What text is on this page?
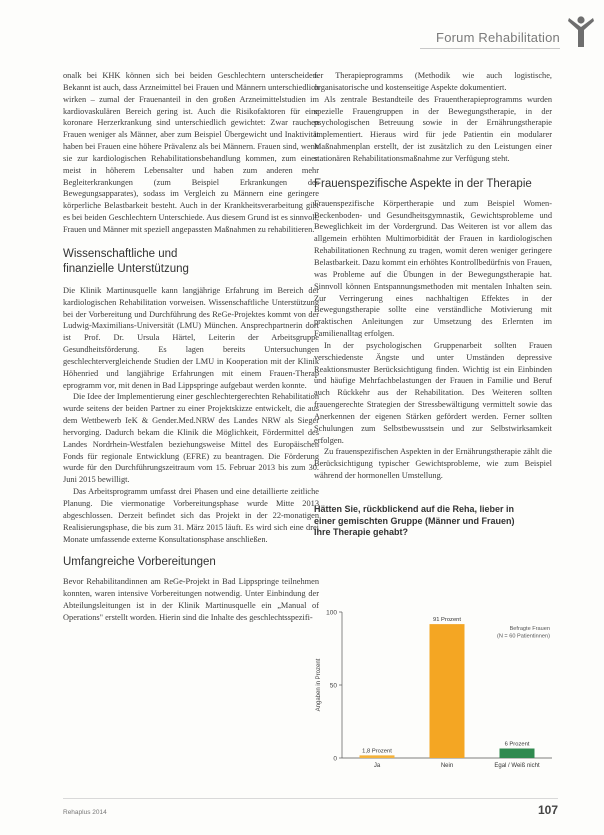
Forum Rehabilitation

onalk bei KHK können sich bei beiden Geschlechtern unterscheiden. Bekannt ist auch, dass Arzneimittel bei Frauen und Männern unterschiedlich wirken – zumal der Frauenanteil in den großen Arzneimittelstudien im kardiovaskulären Bereich gering ist. Auch die Risikofaktoren für eine koronare Herzerkrankung sind unterschiedlich gewichtet: Zwar rauchen Frauen weniger als Männer, aber zum Beispiel Übergewicht und Inaktivität haben bei Frauen eine höhere Prävalenz als bei Männern. Frauen sind, wenn sie zur kardiologischen Rehabilitationsbehandlung kommen, zum einen meist in höherem Lebensalter und haben zum anderen mehr Begleiterkrankungen (zum Beispiel Erkrankungen des Bewegungsapparates), sodass im Vergleich zu Männern eine geringere körperliche Belastbarkeit besteht. Auch in der Krankheitsverarbeitung gibt es bei beiden Geschlechtern Unterschiede. Aus diesem Grund ist es sinnvoll, Frauen und Männer mit speziell angepassten Maßnahmen zu rehabilitieren.

Wissenschaftliche und
finanzielle Unterstützung

Die Klinik Martinusquelle kann langjährige Erfahrung im Bereich der kardiologischen Rehabilitation vorweisen. Wissenschaftliche Unterstützung bei der Vorbereitung und Durchführung des ReGe-Projektes kommt von der Ludwig-Maximilians-Universität (LMU) München. Ansprechpartnerin dort ist Prof. Dr. Ursula Härtel, Leiterin der Arbeitsgruppe Gesundheitsförderung. Es lagen bereits Untersuchungen geschlechtervergleichende Studien der LMU in Kooperation mit der Klinik Höhenried und langjährige Erfahrungen mit einem Frauen-Therap eprogramm vor, mit denen in Bad Lippspringe aufgebaut werden konnte.

Die Idee der Implementierung einer geschlechtergerechten Rehabilitation wurde seitens der beiden Partner zu einer Projektskizze entwickelt, die aus dem Wettbewerb IeK & Gender.Med.NRW des Landes NRW als Sieger hervorging. Dadurch bekam die Klinik die Möglichkeit, Fördermittel des Landes Nordrhein-Westfalen beziehungsweise Mittel des Europäischen Fonds für regionale Entwicklung (EFRE) zu beantragen. Die Förderung wurde für den Durchführungszeitraum vom 15. Februar 2013 bis zum 30. Juni 2015 bewilligt.

Das Arbeitsprogramm umfasst drei Phasen und eine detaillierte zeitliche Planung. Die viermonatige Vorbereitungsphase wurde Mitte 2013 abgeschlossen. Derzeit befindet sich das Projekt in der 22-monatigen Realisierungsphase, die bis zum 31. März 2015 läuft. Es wird sich eine drei Monate umfassende externe Konsultationsphase anschließen.

Umfangreiche Vorbereitungen

Bevor Rehabilitandinnen am ReGe-Projekt in Bad Lippspringe teilnehmen konnten, waren intensive Vorbereitungen notwendig. Unter Einbindung der Abteilungsleitungen ist in der Klinik Martinusquelle ein „Manual of Operations" erstellt worden. Hierin sind die Inhalte des geschlechtsspezifi-

fer Therapieprogramms (Methodik wie auch logistische, organisatorische und kostenseitige Aspekte dokumentiert.

Als zentrale Bestandteile des Frauentherapieprogramms wurden spezielle Frauengruppen in der Bewegungstherapie, in der psychologischen Betreuung sowie in der Ernährungstherapie implementiert. Hieraus wird für jede Patientin ein modularer Maßnahmenplan erstellt, der ist zusätzlich zu den Leistungen einer stationären Rehabilitationsmaßnahme zur Verfügung steht.

Frauenspezifische Aspekte in der Therapie

Frauenspezifische Körpertherapie und zum Beispiel Women-Beckenboden- und Gesundheitsgymnastik, Gewichtsprobleme und Beweglichkeit im der Vordergrund. Das Weiteren ist vor allem das allgemein erhöhten Multimorbidität der Frauen in kardiologischen Rehabilitationen Rechnung zu tragen, womit deren weniger geringere Belastbarkeit. Dazu kommt ein erhöhtes Kontrollbedürfnis von Frauen, was Probleme auf die Übungen in der Bewegungstherapie hat. Sinnvoll können Entspannungsmethoden mit mentalen Inhalten sein. Zur Verringerung eines nachhaltigen Effektes in der Bewegungstherapie sollte eine verständliche Motivierung mit praktischen Anleitungen zur Umsetzung des Erlernten im Familienalltag erfolgen.

In der psychologischen Gruppenarbeit sollten Frauen verschiedenste Ängste und unter Umständen depressive Reaktionsmuster Berücksichtigung finden. Wichtig ist ein Einbinden und häufige Mehrfachbelastungen der Frauen in Familie und Beruf auch Rückkehr aus der Rehabilitation. Des Weiteren sollten frauengerechte Strategien der Stressbewältigung vermittelt sowie das Anerkennen der eigenen Stärken gefördert werden. Ferner sollten Schulungen zum Selbstbewusstsein und zur Selbstwirksamkeit erfolgen.

Zu frauenspezifischen Aspekten in der Ernährungstherapie zählt die Berücksichtigung typischer Gewichtsprobleme, wie zum Beispiel während der hormonellen Umstellung.

Hätten Sie, rückblickend auf die Reha, lieber in
einer gemischten Gruppe (Männer und Frauen)
Ihre Therapie gehabt?
0
50
100
Angaben in Prozent
1,8 Prozent
Ja
91 Prozent
Nein
6 Prozent
Egal / Weiß nicht
Befragte Frauen
(N = 60 Patientinnen)
Rehaplus 2014	107
